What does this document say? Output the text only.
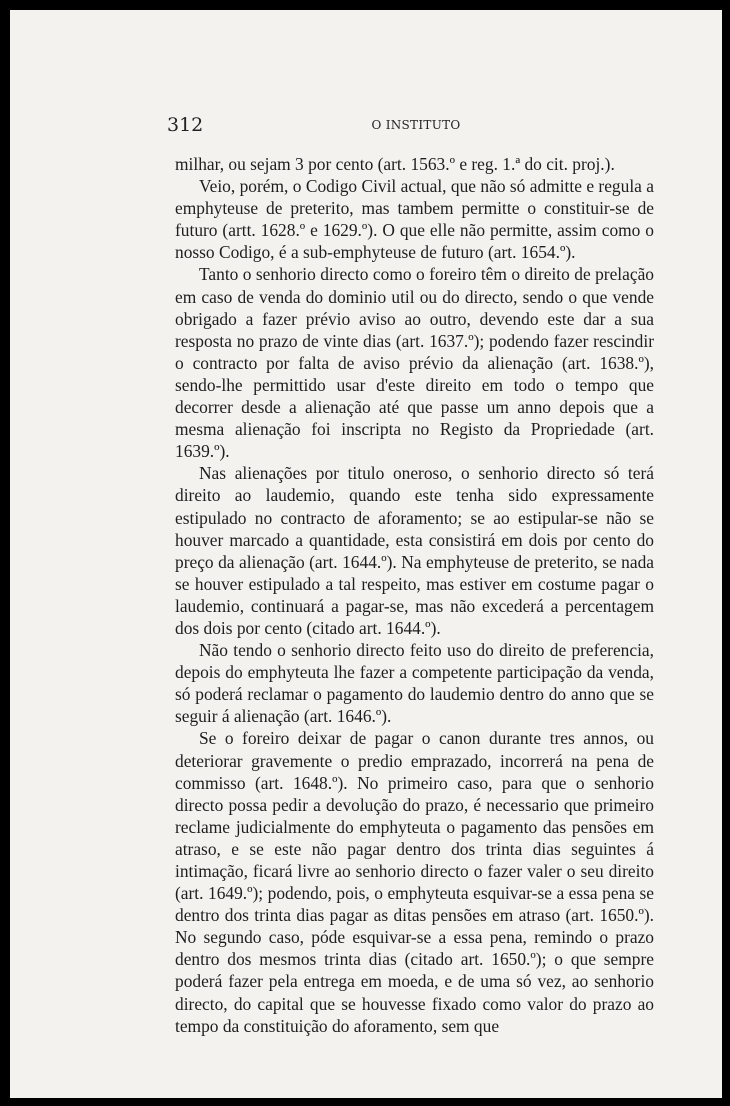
312	O INSTITUTO

milhar, ou sejam 3 por cento (art. 1563.º e reg. 1.ª do cit. proj.).

Veio, porém, o Codigo Civil actual, que não só admitte e regula a emphyteuse de preterito, mas tambem permitte o constituir-se de futuro (artt. 1628.º e 1629.º). O que elle não permitte, assim como o nosso Codigo, é a sub-emphyteuse de futuro (art. 1654.º).

Tanto o senhorio directo como o foreiro têm o direito de prelação em caso de venda do dominio util ou do directo, sendo o que vende obrigado a fazer prévio aviso ao outro, devendo este dar a sua resposta no prazo de vinte dias (art. 1637.º); podendo fazer rescindir o contracto por falta de aviso prévio da alienação (art. 1638.º), sendo-lhe permittido usar d'este direito em todo o tempo que decorrer desde a alienação até que passe um anno depois que a mesma alienação foi inscripta no Registo da Propriedade (art. 1639.º).

Nas alienações por titulo oneroso, o senhorio directo só terá direito ao laudemio, quando este tenha sido expressamente estipulado no contracto de aforamento; se ao estipular-se não se houver marcado a quantidade, esta consistirá em dois por cento do preço da alienação (art. 1644.º). Na emphyteuse de preterito, se nada se houver estipulado a tal respeito, mas estiver em costume pagar o laudemio, continuará a pagar-se, mas não excederá a percentagem dos dois por cento (citado art. 1644.º).

Não tendo o senhorio directo feito uso do direito de preferencia, depois do emphyteuta lhe fazer a competente participação da venda, só poderá reclamar o pagamento do laudemio dentro do anno que se seguir á alienação (art. 1646.º).

Se o foreiro deixar de pagar o canon durante tres annos, ou deteriorar gravemente o predio emprazado, incorrerá na pena de commisso (art. 1648.º). No primeiro caso, para que o senhorio directo possa pedir a devolução do prazo, é necessario que primeiro reclame judicialmente do emphyteuta o pagamento das pensões em atraso, e se este não pagar dentro dos trinta dias seguintes á intimação, ficará livre ao senhorio directo o fazer valer o seu direito (art. 1649.º); podendo, pois, o emphyteuta esquivar-se a essa pena se dentro dos trinta dias pagar as ditas pensões em atraso (art. 1650.º). No segundo caso, póde esquivar-se a essa pena, remindo o prazo dentro dos mesmos trinta dias (citado art. 1650.º); o que sempre poderá fazer pela entrega em moeda, e de uma só vez, ao senhorio directo, do capital que se houvesse fixado como valor do prazo ao tempo da constituição do aforamento, sem que
